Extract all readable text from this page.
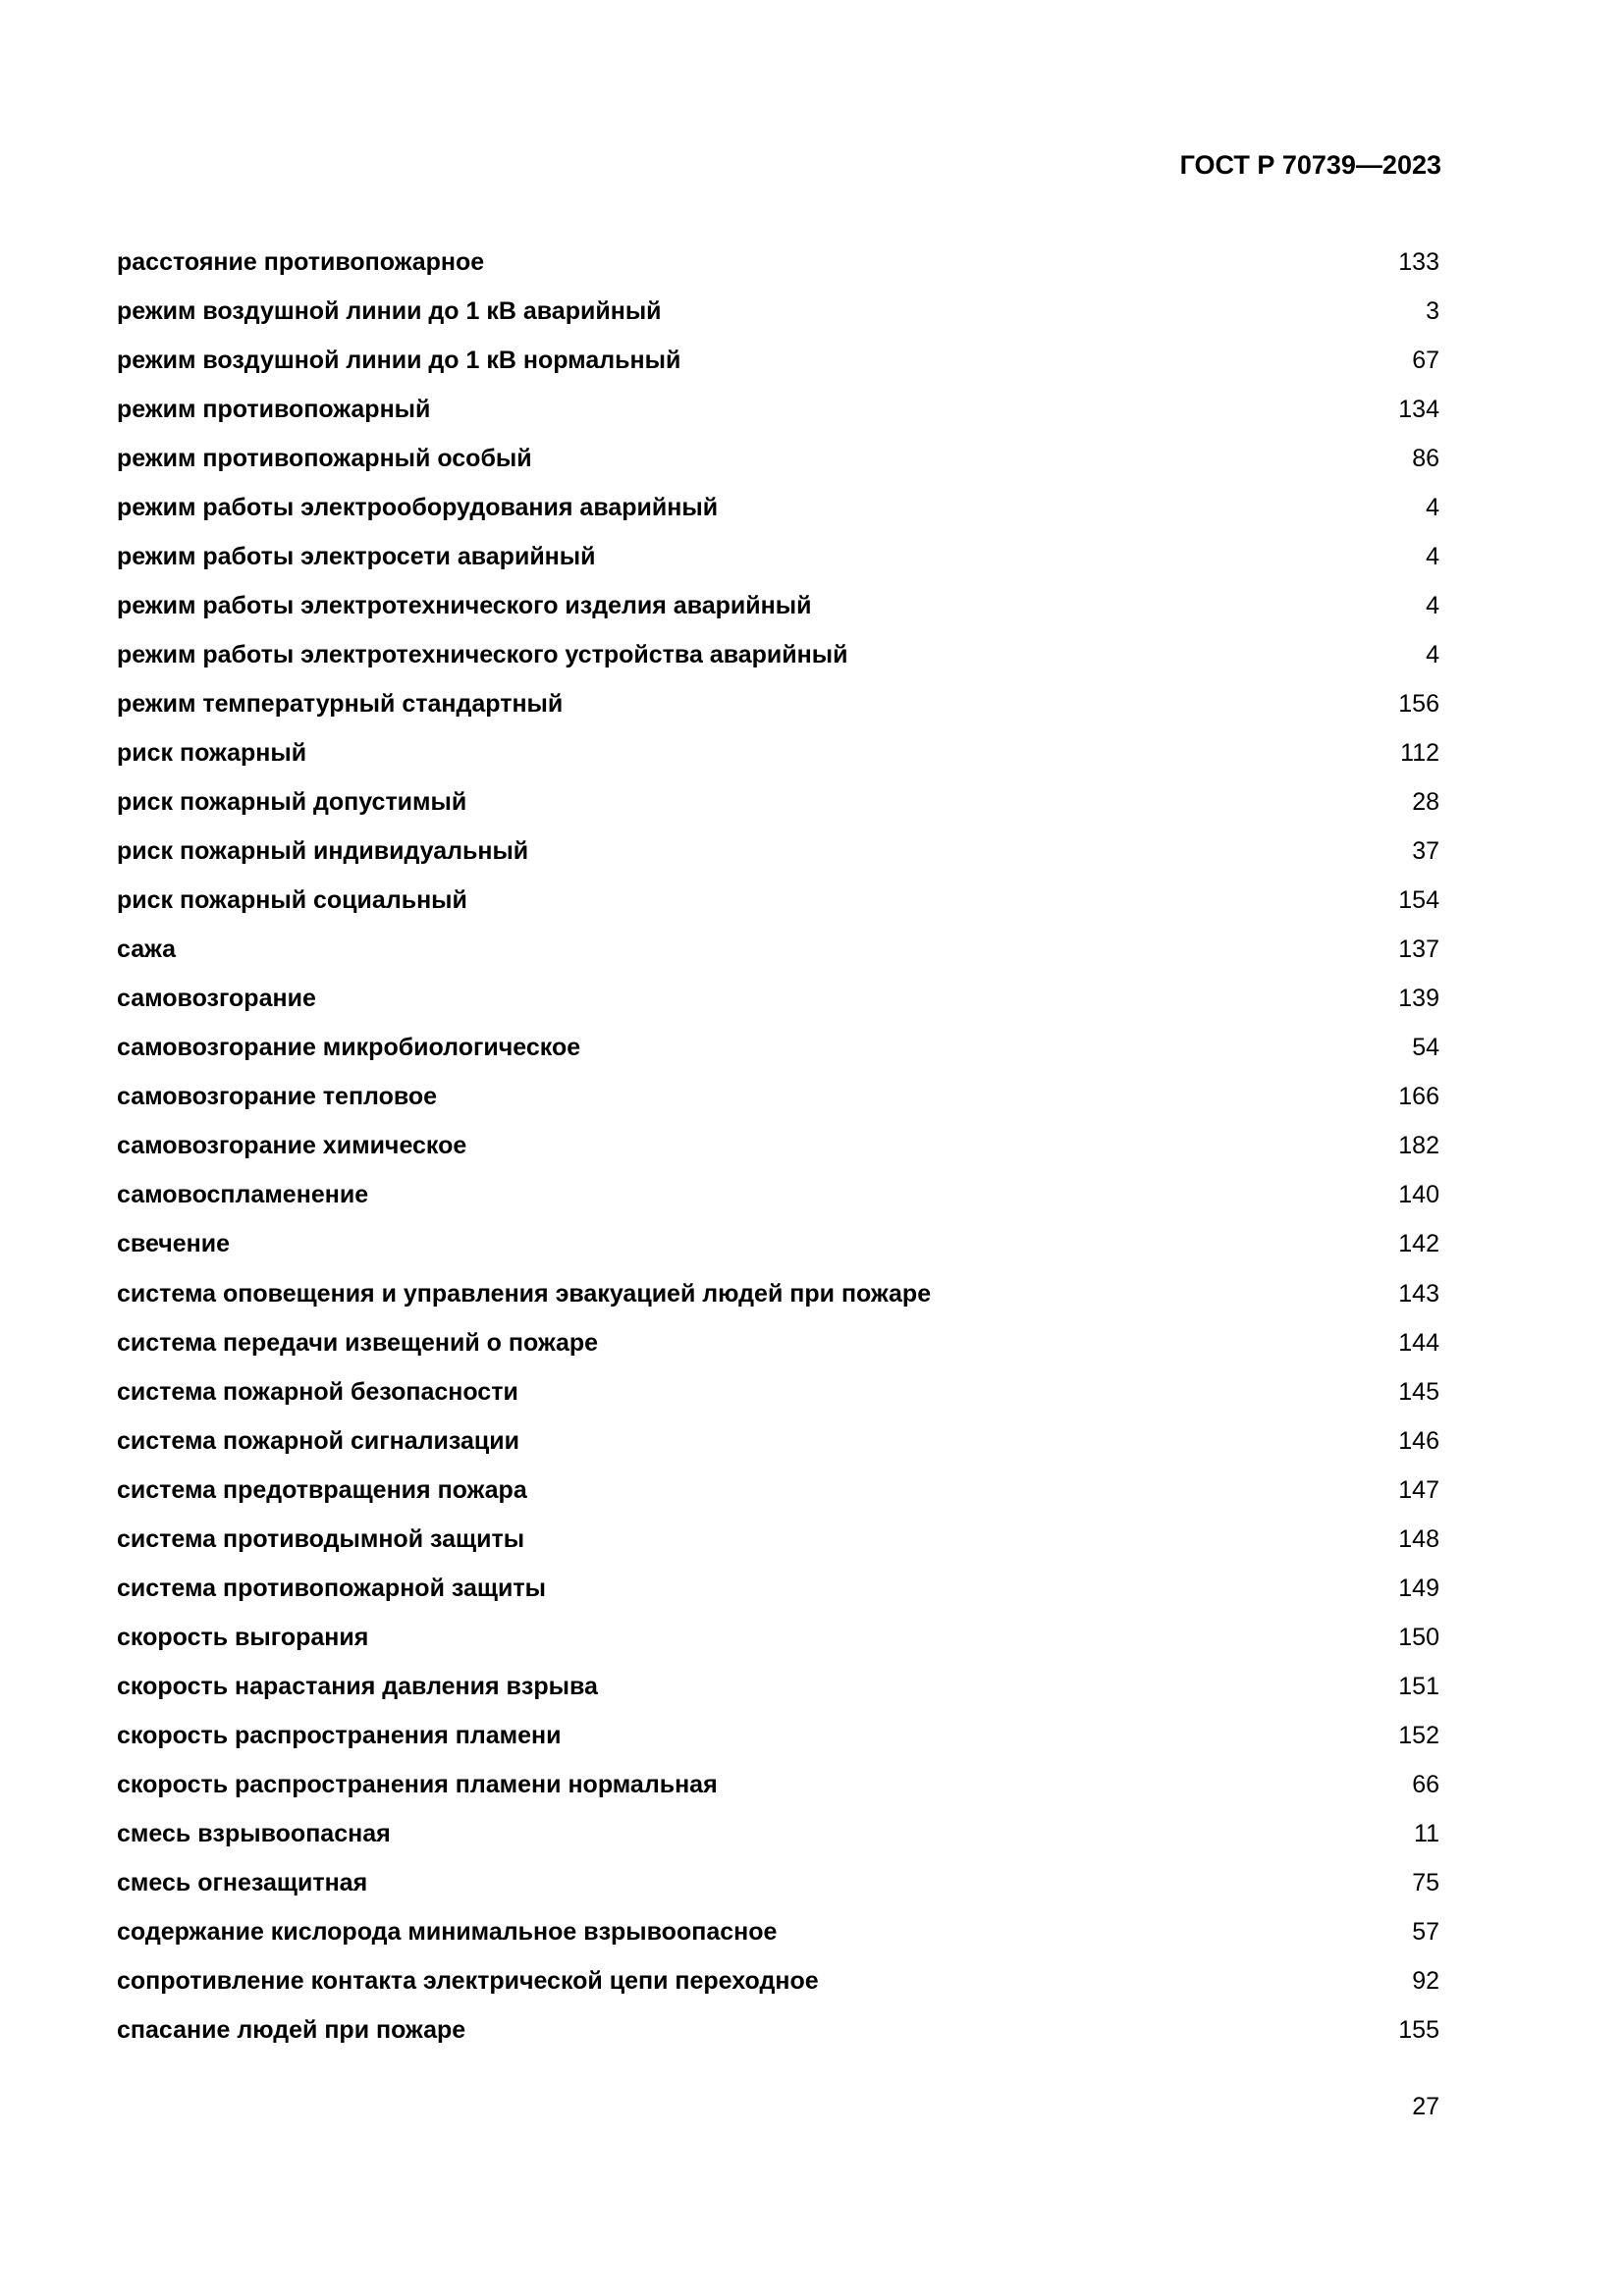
ГОСТ Р 70739—2023
расстояние противопожарное	133
режим воздушной линии до 1 кВ аварийный	3
режим воздушной линии до 1 кВ нормальный	67
режим противопожарный	134
режим противопожарный особый	86
режим работы электрооборудования аварийный	4
режим работы электросети аварийный	4
режим работы электротехнического изделия аварийный	4
режим работы электротехнического устройства аварийный	4
режим температурный стандартный	156
риск пожарный	112
риск пожарный допустимый	28
риск пожарный индивидуальный	37
риск пожарный социальный	154
сажа	137
самовозгорание	139
самовозгорание микробиологическое	54
самовозгорание тепловое	166
самовозгорание химическое	182
самовоспламенение	140
свечение	142
система оповещения и управления эвакуацией людей при пожаре	143
система передачи извещений о пожаре	144
система пожарной безопасности	145
система пожарной сигнализации	146
система предотвращения пожара	147
система противодымной защиты	148
система противопожарной защиты	149
скорость выгорания	150
скорость нарастания давления взрыва	151
скорость распространения пламени	152
скорость распространения пламени нормальная	66
смесь взрывоопасная	11
смесь огнезащитная	75
содержание кислорода минимальное взрывоопасное	57
сопротивление контакта электрической цепи переходное	92
спасание людей при пожаре	155
27
